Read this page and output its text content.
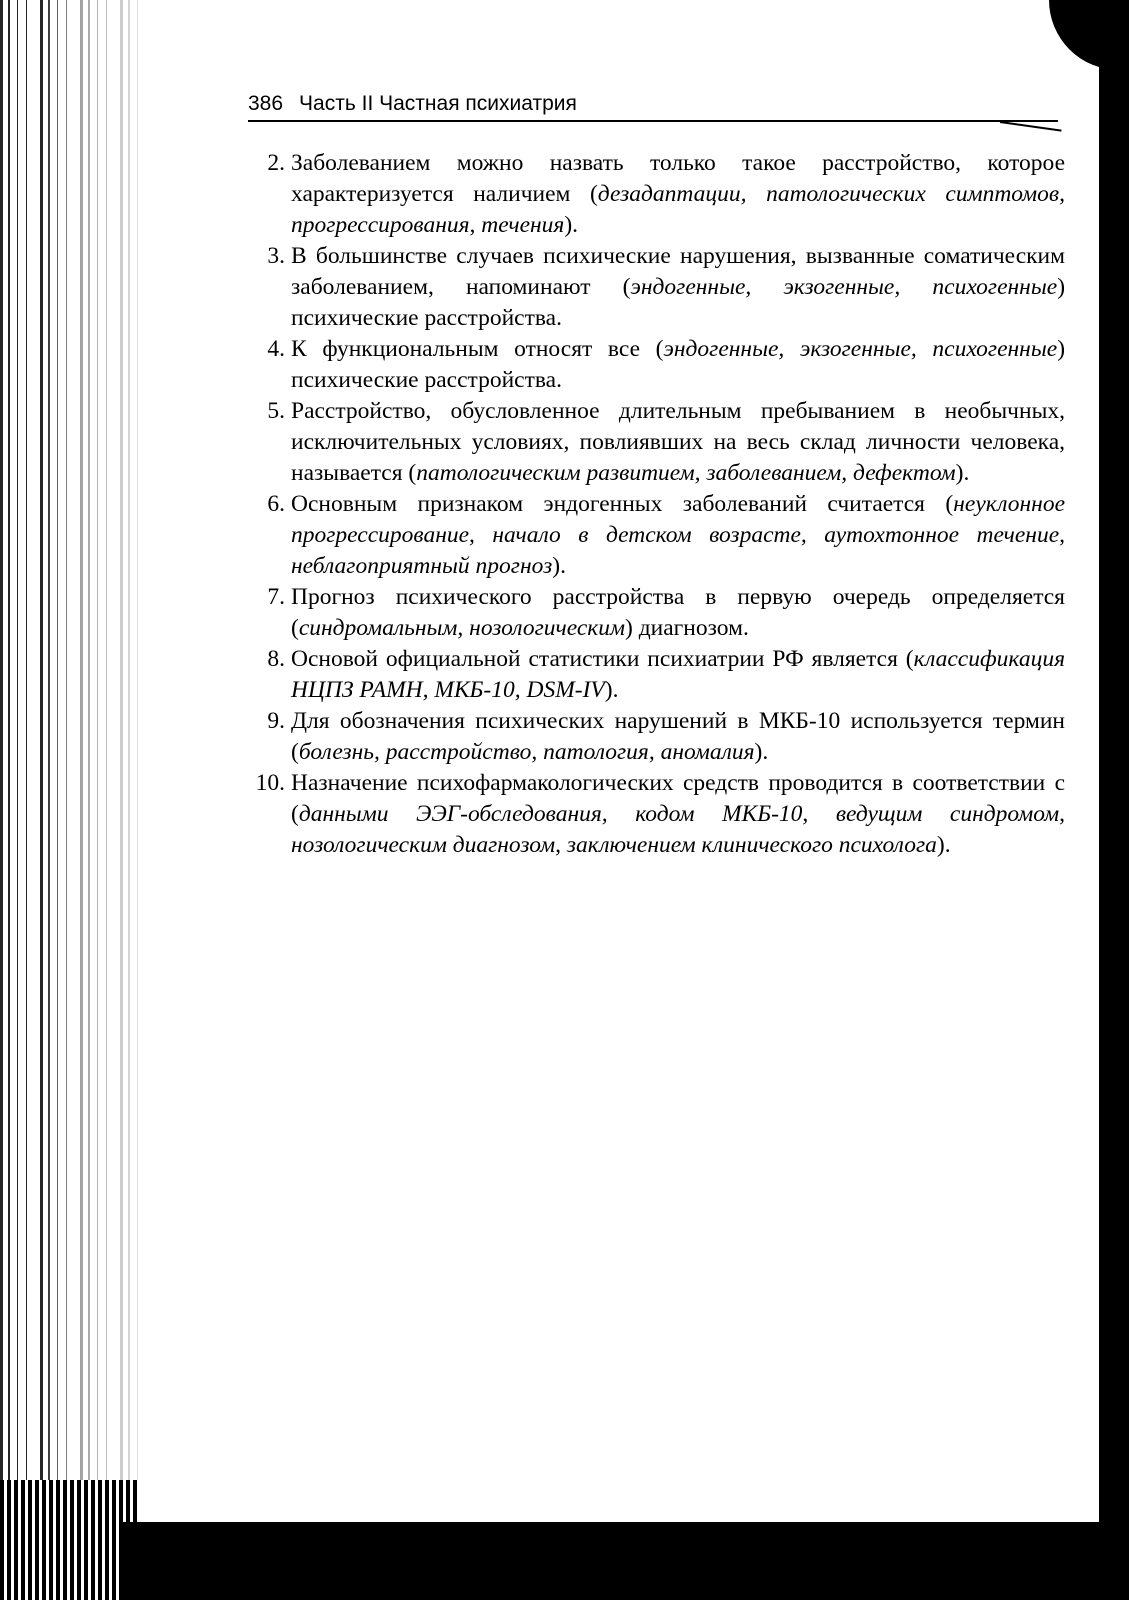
386 Часть II Частная психиатрия
2. Заболеванием можно назвать только такое расстройство, которое характеризуется наличием (дезадаптации, патологических симптомов, прогрессирования, течения).
3. В большинстве случаев психические нарушения, вызванные соматическим заболеванием, напоминают (эндогенные, экзогенные, психогенные) психические расстройства.
4. К функциональным относят все (эндогенные, экзогенные, психогенные) психические расстройства.
5. Расстройство, обусловленное длительным пребыванием в необычных, исключительных условиях, повлиявших на весь склад личности человека, называется (патологическим развитием, заболеванием, дефектом).
6. Основным признаком эндогенных заболеваний считается (неуклонное прогрессирование, начало в детском возрасте, аутохтонное течение, неблагоприятный прогноз).
7. Прогноз психического расстройства в первую очередь определяется (синдромальным, нозологическим) диагнозом.
8. Основой официальной статистики психиатрии РФ является (классификация НЦПЗ РАМН, МКБ-10, DSM-IV).
9. Для обозначения психических нарушений в МКБ-10 используется термин (болезнь, расстройство, патология, аномалия).
10. Назначение психофармакологических средств проводится в соответствии с (данными ЭЭГ-обследования, кодом МКБ-10, ведущим синдромом, нозологическим диагнозом, заключением клинического психолога).
